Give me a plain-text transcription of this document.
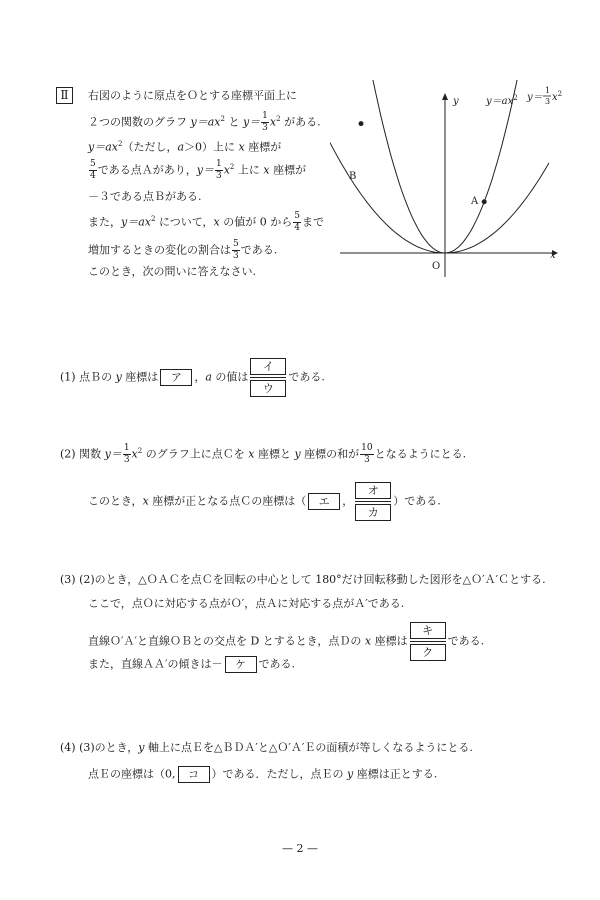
Ⅱ	右図のように原点をＯとする座標平面上に
２つの関数のグラフ $y=ax^2$ と $y= \frac{1}{3} x^2$ がある.
$y=ax^2$（ただし，a＞0）上に x 座標が
$\frac{5}{4}$ である点Ａがあり，$y= \frac{1}{3} x^2$ 上に x 座標が
－３である点Ｂがある.
また，$y=ax^2$ について，x の値が 0 から $\frac{5}{4}$ まで
増加するときの変化の割合は $\frac{5}{3}$ である.
このとき，次の問いに答えなさい.
A
B
O
x
y	$y=ax^2$ y＝
1
3 $x^2$
(1) 点Ｂの y 座標は ア ，a の値は
イ
ウ
である.
(2) 関数 $y= \frac{1}{3} x^2$ のグラフ上に点Ｃを x 座標と y 座標の和が $\frac{10}{3}$ となるようにとる.
このとき，x 座標が正となる点Ｃの座標は（ エ ，
オ
カ
）である.
(3) (2)のとき，△ＯＡＣを点Ｃを回転の中心として 180°だけ回転移動した図形を△Ｏ′Ａ′Ｃとする.
ここで，点Ｏに対応する点がＯ′，点Ａに対応する点がＡ′である.
直線Ｏ′Ａ′と直線ＯＢとの交点を D とするとき，点Ｄの x 座標は
キ
ク
である.
また，直線ＡＡ′の傾きは－ ケ である.
(4) (3)のとき，y 軸上に点Ｅを△ＢＤＡ′と△Ｏ′Ａ′Ｅの面積が等しくなるようにとる.
点Ｅの座標は（0, コ ）である．ただし，点Ｅの y 座標は正とする.
— 2 —
